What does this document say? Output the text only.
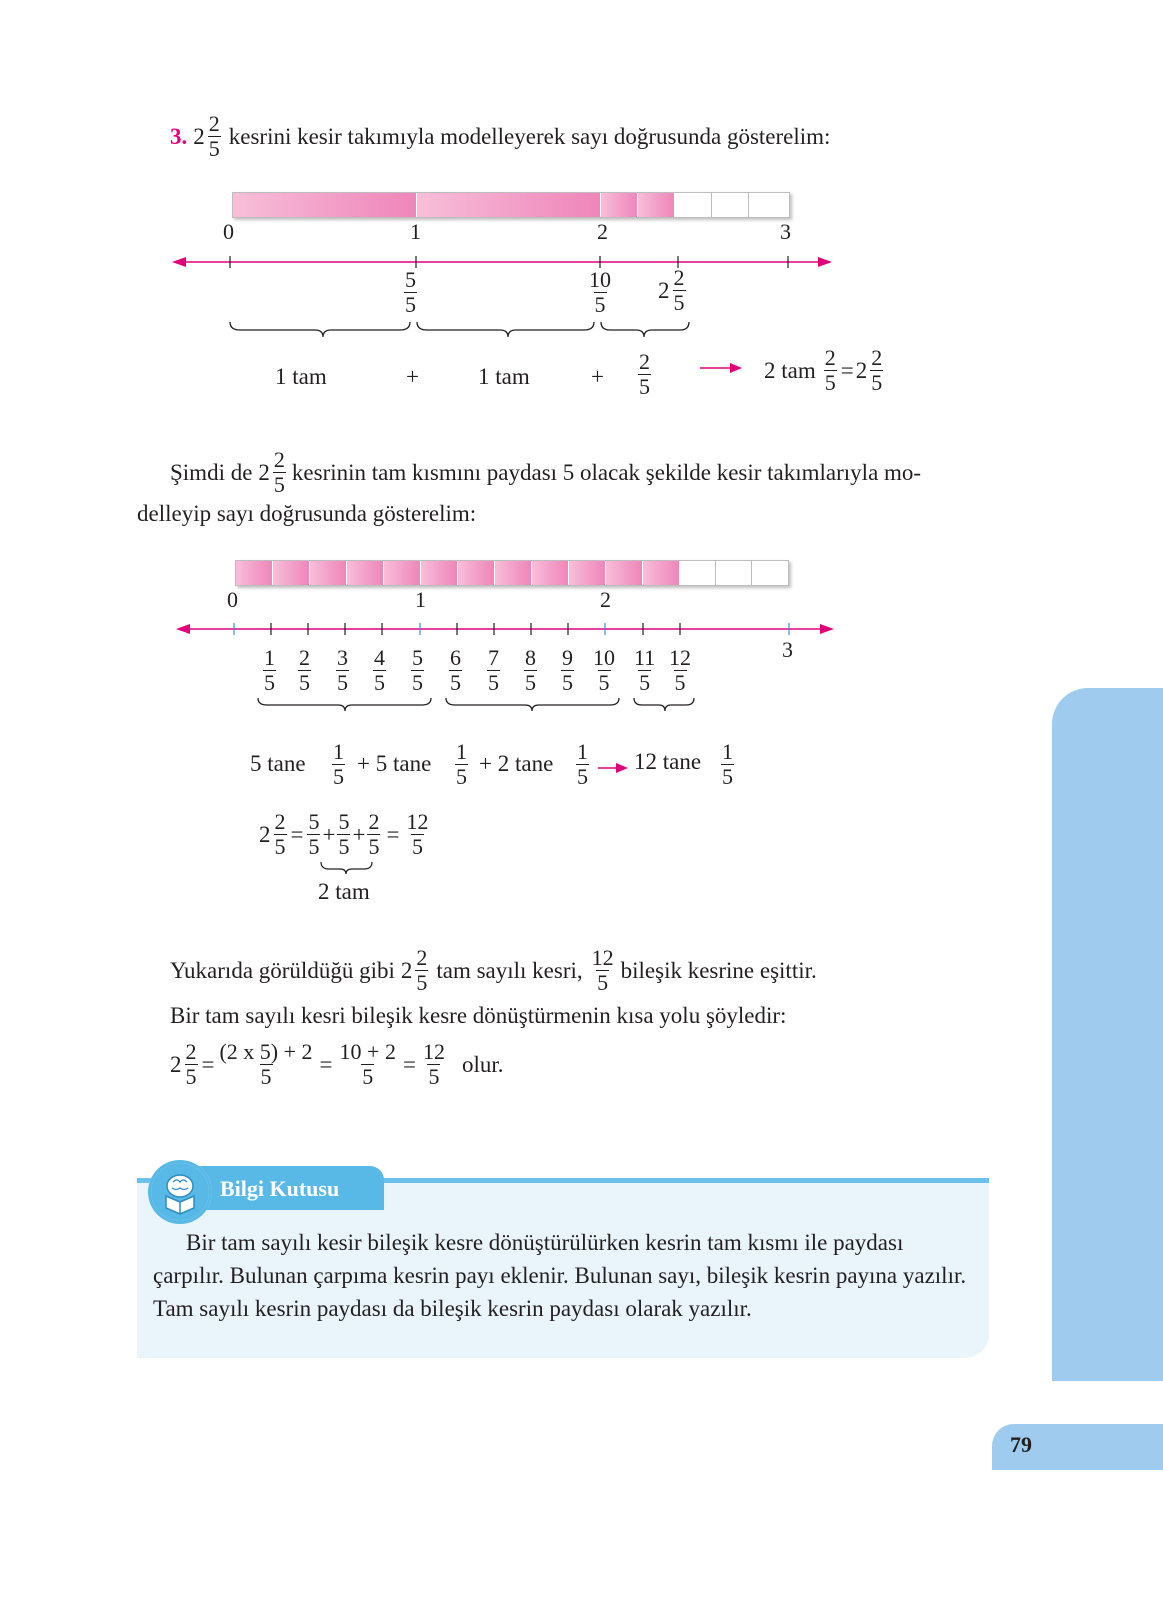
3. $2 \frac{2}{5}$ kesrini kesir takımıyla modelleyerek sayı doğrusunda gösterelim:
0	1	2	3
$\frac{5}{5}$	$\frac{10}{5} 2 \frac{2}{5}$
1 tam	+	1 tam	+ $\frac{2}{5}$	2 tam $\frac{2}{5} = 2 \frac{2}{5}$
Şimdi de $2 \frac{2}{5}$ kesrinin tam kısmını paydası 5 olacak şekilde kesir takımlarıyla mo-
delleyip sayı doğrusunda gösterelim:
0	1	2
3
$\frac{1}{5} \frac{2}{5} \frac{3}{5} \frac{4}{5} \frac{5}{5} \frac{6}{5} \frac{7}{5} \frac{8}{5} \frac{9}{5} \frac{10}{5} \frac{11}{5} \frac{12}{5}$
5 tane $\frac{1}{5} + 5$ tane $\frac{1}{5} + 2$ tane $\frac{1}{5} 12$ tane $\frac{1}{5}$
$2 \frac{2}{5} = \frac{5}{5} + \frac{5}{5} + \frac{2}{5} = \frac{12}{5}$
2 tam
Yukarıda görüldüğü gibi $2 \frac{2}{5}$ tam sayılı kesri, $\frac{12}{5}$ bileşik kesrine eşittir.
Bir tam sayılı kesri bileşik kesre dönüştürmenin kısa yolu şöyledir:
$2 \frac{2}{5} = \frac{(2 x 5) + 2}{5} = \frac{10 + 2}{5} = \frac{12}{5}$ olur.
Bilgi Kutusu
Bir tam sayılı kesir bileşik kesre dönüştürülürken kesrin tam kısmı ile paydası çarpılır. Bulunan çarpıma kesrin payı eklenir. Bulunan sayı, bileşik kesrin payına yazılır. Tam sayılı kesrin paydası da bileşik kesrin paydası olarak yazılır.
79
